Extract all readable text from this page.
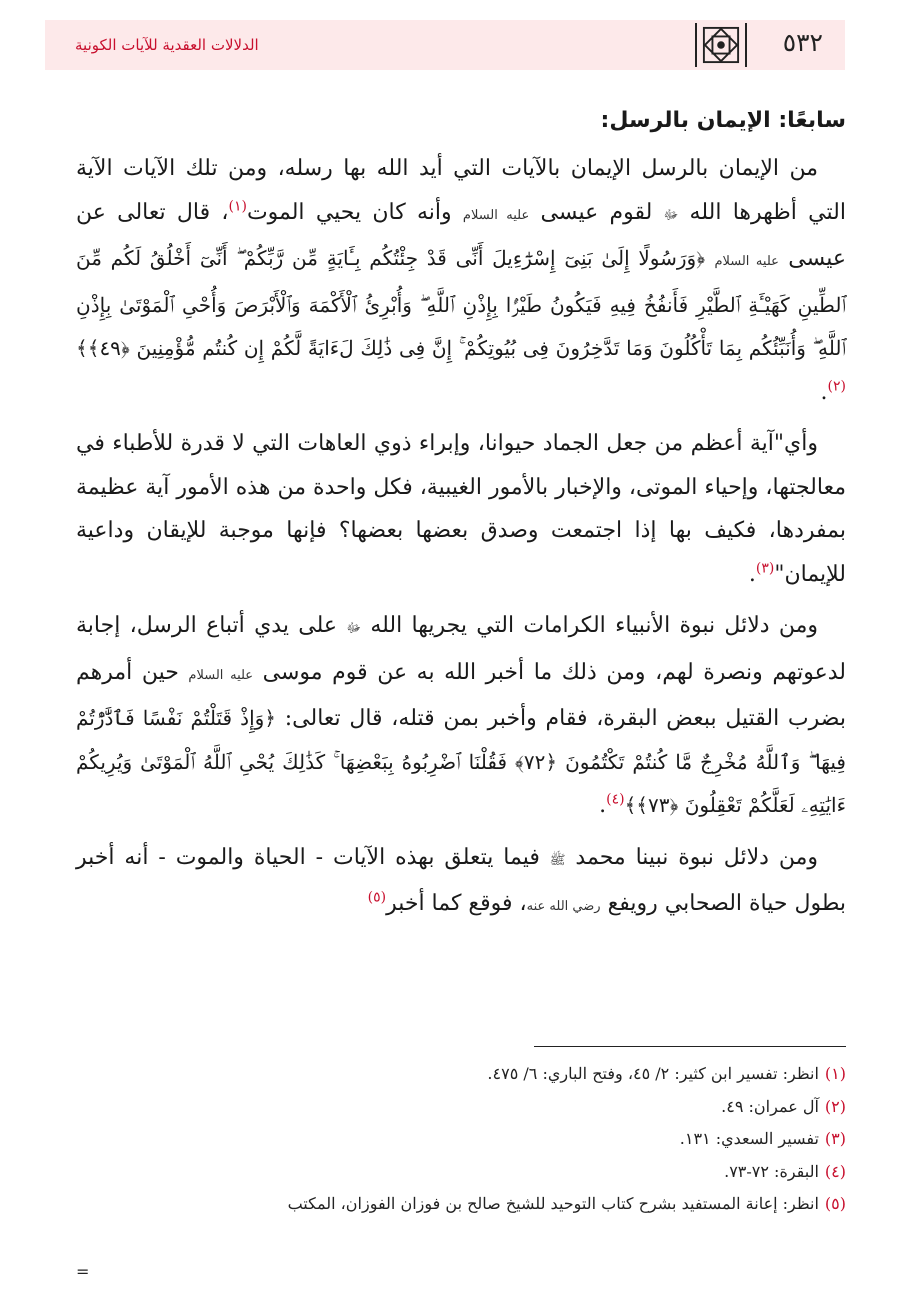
٥٣٢
الدلالات العقدية للآيات الكونية
سابعًا: الإيمان بالرسل:

من الإيمان بالرسل الإيمان بالآيات التي أيد الله بها رسله، ومن تلك الآيات الآية التي أظهرها الله ﷻ لقوم عيسى عليه السلام وأنه كان يحيي الموت$^{(١)}$، قال تعالى عن عيسى عليه السلام ﴿وَرَسُولًا إِلَىٰ بَنِىٓ إِسْرَٰٓءِيلَ أَنِّى قَدْ جِئْتُكُم بِـَٔايَةٍ مِّن رَّبِّكُمْ ۖ أَنِّىٓ أَخْلُقُ لَكُم مِّنَ ٱلطِّينِ كَهَيْـَٔةِ ٱلطَّيْرِ فَأَنفُخُ فِيهِ فَيَكُونُ طَيْرًۢا بِإِذْنِ ٱللَّهِ ۖ وَأُبْرِئُ ٱلْأَكْمَهَ وَٱلْأَبْرَصَ وَأُحْىِ ٱلْمَوْتَىٰ بِإِذْنِ ٱللَّهِ ۖ وَأُنَبِّئُكُم بِمَا تَأْكُلُونَ وَمَا تَدَّخِرُونَ فِى بُيُوتِكُمْ ۚ إِنَّ فِى ذَٰلِكَ لَءَايَةً لَّكُمْ إِن كُنتُم مُّؤْمِنِينَ ﴿٤٩﴾﴾$^{(٢)}$.

وأي"آية أعظم من جعل الجماد حيوانا، وإبراء ذوي العاهات التي لا قدرة للأطباء في معالجتها، وإحياء الموتى، والإخبار بالأمور الغيبية، فكل واحدة من هذه الأمور آية عظيمة بمفردها، فكيف بها إذا اجتمعت وصدق بعضها بعضها؟ فإنها موجبة للإيقان وداعية للإيمان"$^{(٣)}$.

ومن دلائل نبوة الأنبياء الكرامات التي يجريها الله ﷻ على يدي أتباع الرسل، إجابة لدعوتهم ونصرة لهم، ومن ذلك ما أخبر الله به عن قوم موسى عليه السلام حين أمرهم بضرب القتيل ببعض البقرة، فقام وأخبر بمن قتله، قال تعالى: ﴿وَإِذْ قَتَلْتُمْ نَفْسًا فَٱدَّٰرَْٰتُمْ فِيهَا ۖ وَٱللَّهُ مُخْرِجٌ مَّا كُنتُمْ تَكْتُمُونَ ﴿٧٢﴾ فَقُلْنَا ٱضْرِبُوهُ بِبَعْضِهَا ۚ كَذَٰلِكَ يُحْىِ ٱللَّهُ ٱلْمَوْتَىٰ وَيُرِيكُمْ ءَايَٰتِهِۦ لَعَلَّكُمْ تَعْقِلُونَ ﴿٧٣﴾﴾$^{(٤)}$.

ومن دلائل نبوة نبينا محمد ﷺ فيما يتعلق بهذه الآيات - الحياة والموت - أنه أخبر بطول حياة الصحابي رويفع رضي الله عنه، فوقع كما أخبر$^{(٥)}$

(١)انظر: تفسير ابن كثير: ٢/ ٤٥، وفتح الباري: ٦/ ٤٧٥.
(٢)آل عمران: ٤٩.
(٣)تفسير السعدي: ١٣١.
(٤)البقرة: ٧٢-٧٣.
(٥)انظر: إعانة المستفيد بشرح كتاب التوحيد للشيخ صالح بن فوزان الفوزان، المكتب
=
